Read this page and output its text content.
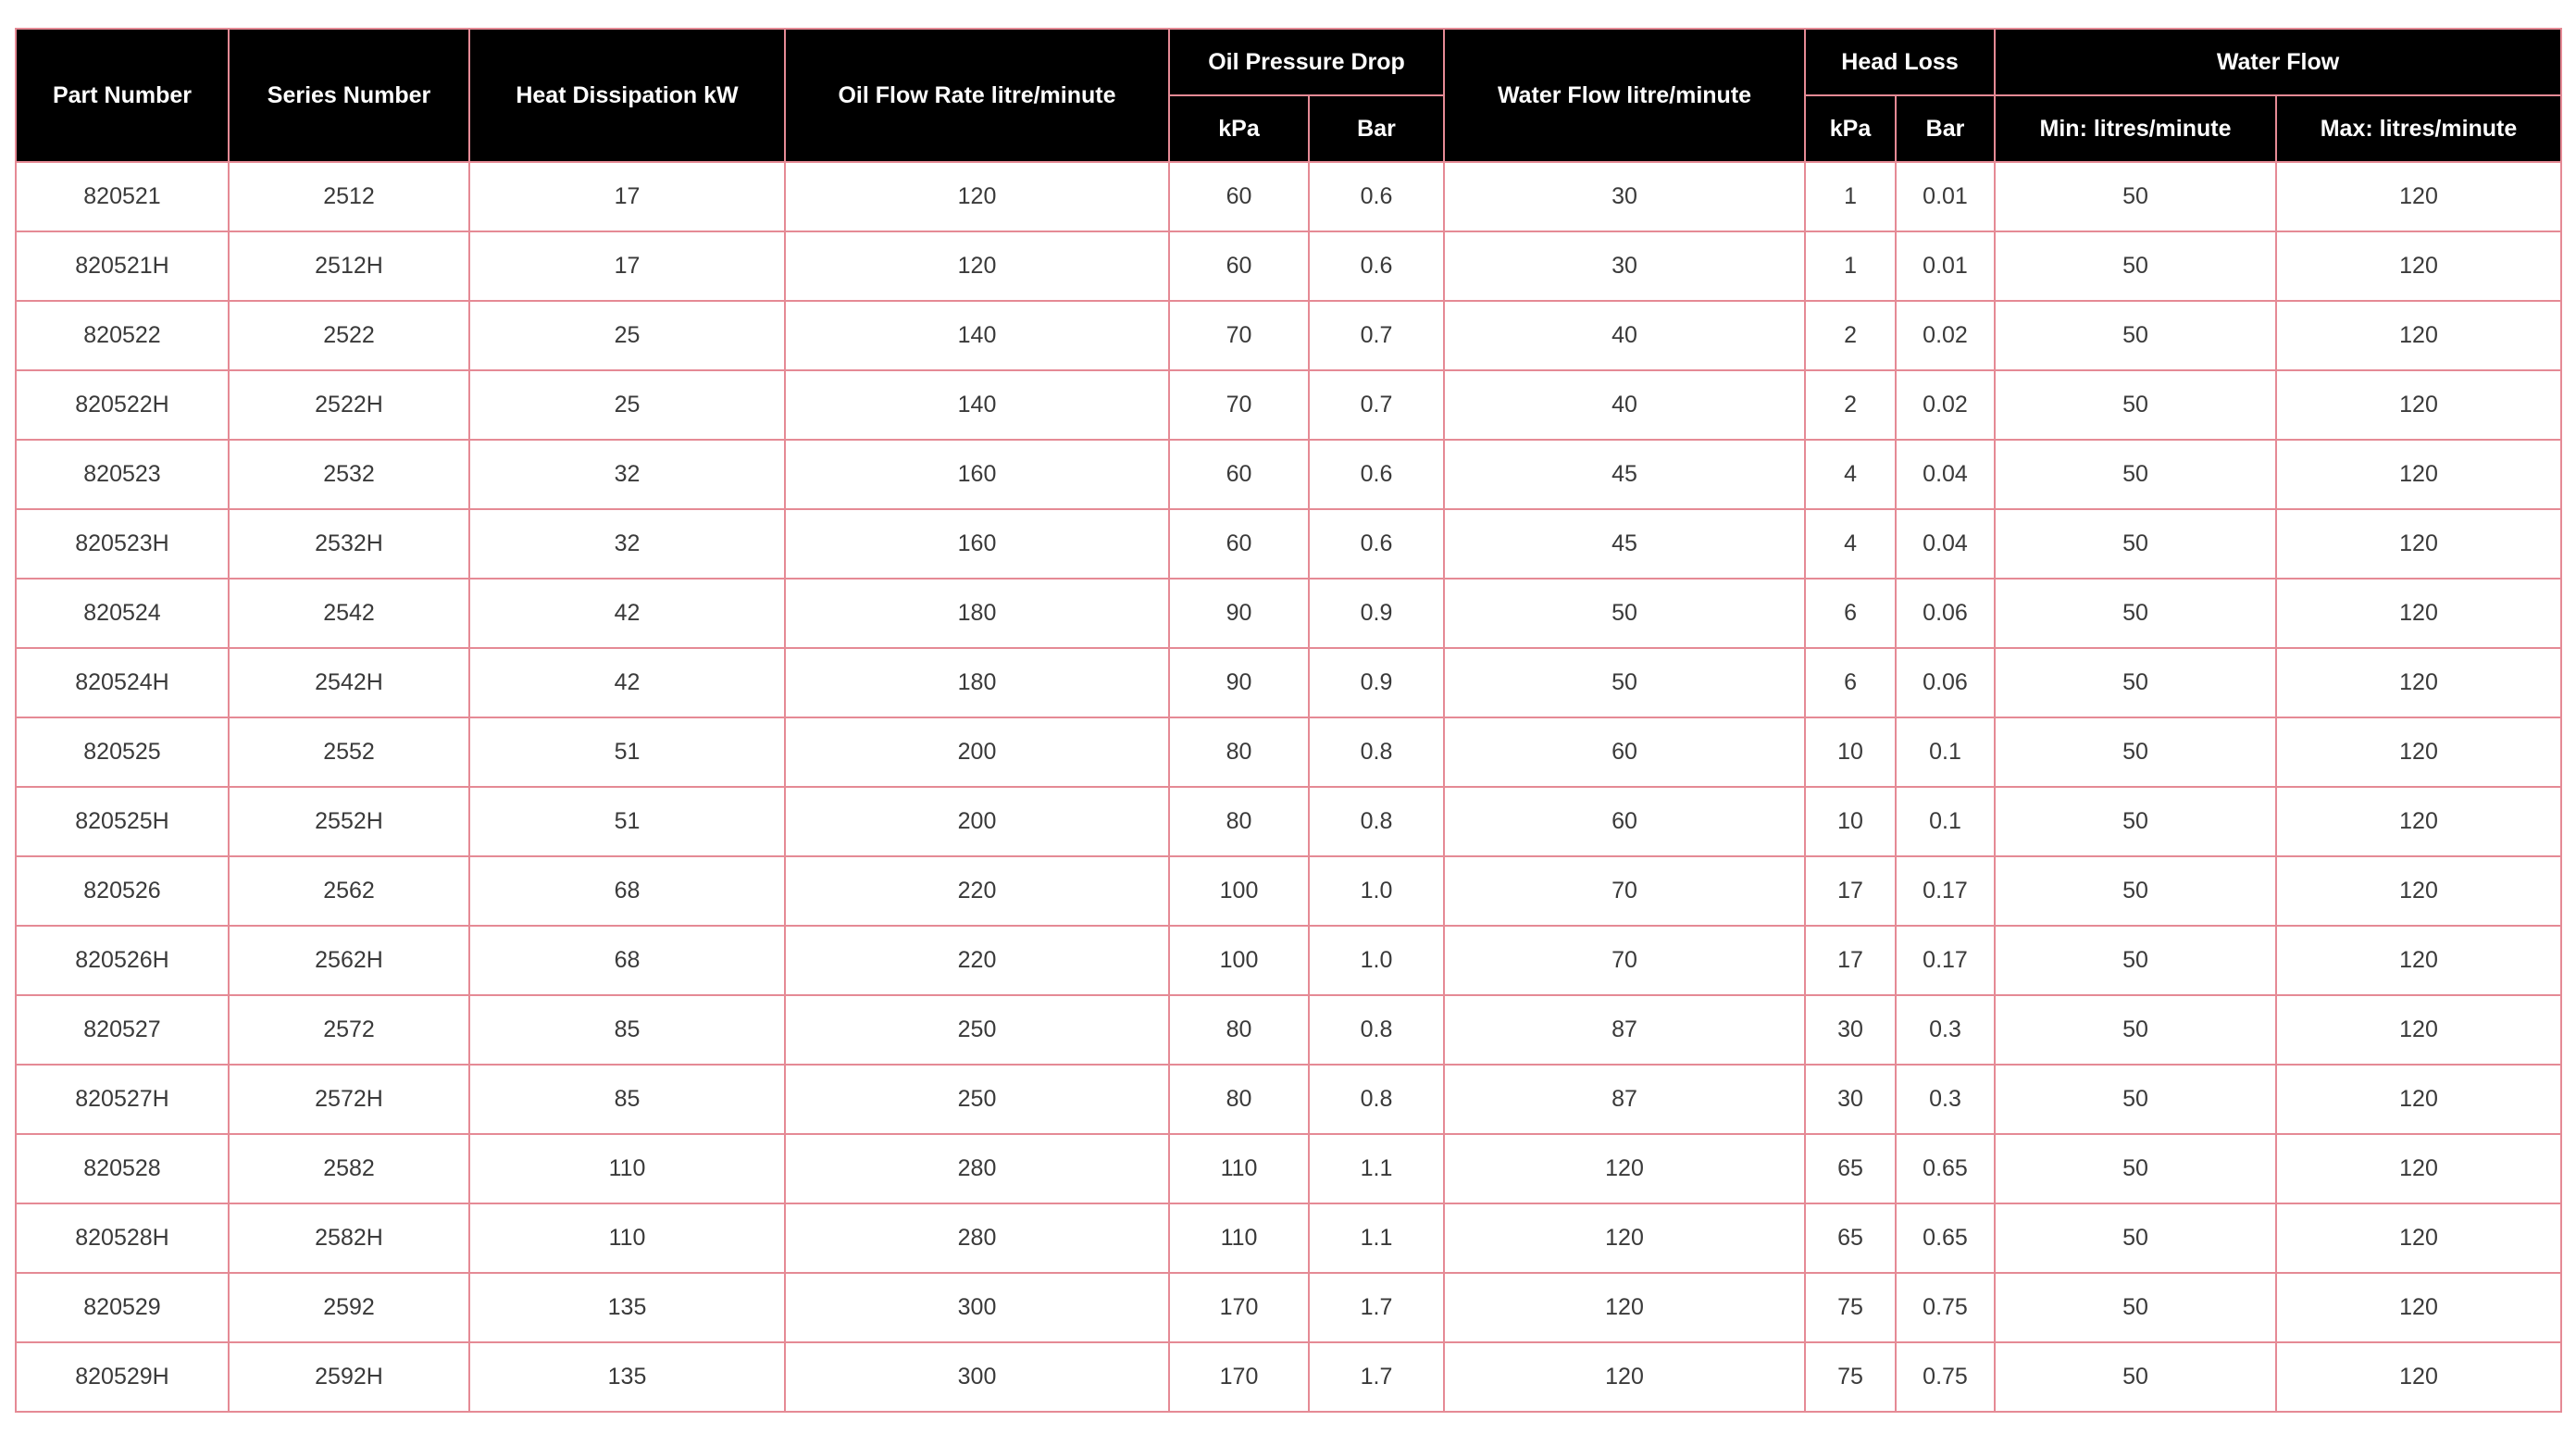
Part Number	Series Number	Heat Dissipation kW	Oil Flow Rate litre/minute	Oil Pressure Drop		Water Flow litre/minute	Head Loss		Water Flow	
				kPa	Bar		kPa	Bar	Min: litres/minute	Max: litres/minute
820521	2512	17	120	60	0.6	30	1	0.01	50	120
820521H	2512H	17	120	60	0.6	30	1	0.01	50	120
820522	2522	25	140	70	0.7	40	2	0.02	50	120
820522H	2522H	25	140	70	0.7	40	2	0.02	50	120
820523	2532	32	160	60	0.6	45	4	0.04	50	120
820523H	2532H	32	160	60	0.6	45	4	0.04	50	120
820524	2542	42	180	90	0.9	50	6	0.06	50	120
820524H	2542H	42	180	90	0.9	50	6	0.06	50	120
820525	2552	51	200	80	0.8	60	10	0.1	50	120
820525H	2552H	51	200	80	0.8	60	10	0.1	50	120
820526	2562	68	220	100	1.0	70	17	0.17	50	120
820526H	2562H	68	220	100	1.0	70	17	0.17	50	120
820527	2572	85	250	80	0.8	87	30	0.3	50	120
820527H	2572H	85	250	80	0.8	87	30	0.3	50	120
820528	2582	110	280	110	1.1	120	65	0.65	50	120
820528H	2582H	110	280	110	1.1	120	65	0.65	50	120
820529	2592	135	300	170	1.7	120	75	0.75	50	120
820529H	2592H	135	300	170	1.7	120	75	0.75	50	120
